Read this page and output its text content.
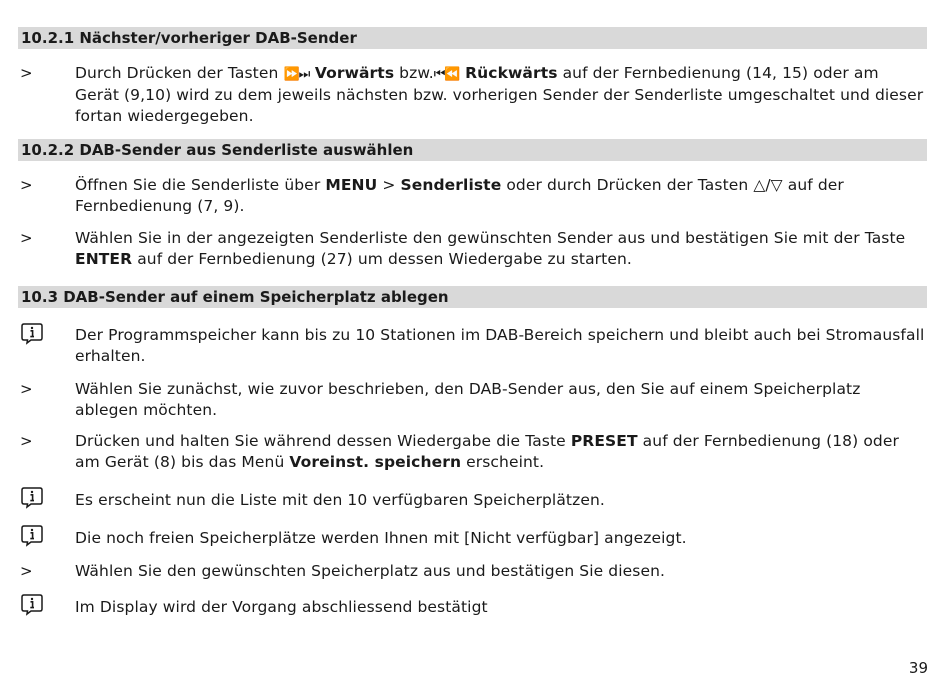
10.2.1 Nächster/vorheriger DAB-Sender
>	Durch Drücken der Tasten ⏩⏭ Vorwärts bzw.⏮⏪ Rückwärts auf der Fernbedienung (14, 15) oder am Gerät (9,10) wird zu dem jeweils nächsten bzw. vorherigen Sender der Senderliste umgeschaltet und dieser fortan wiedergegeben.
10.2.2 DAB-Sender aus Senderliste auswählen
>	Öffnen Sie die Senderliste über MENU > Senderliste oder durch Drücken der Tasten △/▽ auf der Fernbedienung (7, 9).
>	Wählen Sie in der angezeigten Senderliste den gewünschten Sender aus und bestätigen Sie mit der Taste ENTER auf der Fernbedienung (27) um dessen Wiedergabe zu starten.
10.3 DAB-Sender auf einem Speicherplatz ablegen
Der Programmspeicher kann bis zu 10 Stationen im DAB-Bereich speichern und bleibt auch bei Stromausfall erhalten.
>	Wählen Sie zunächst, wie zuvor beschrieben, den DAB-Sender aus, den Sie auf einem Speicherplatz ablegen möchten.
>	Drücken und halten Sie während dessen Wiedergabe die Taste PRESET auf der Fernbedienung (18) oder am Gerät (8) bis das Menü Voreinst. speichern erscheint.
Es erscheint nun die Liste mit den 10 verfügbaren Speicherplätzen.
Die noch freien Speicherplätze werden Ihnen mit [Nicht verfügbar] angezeigt.
>	Wählen Sie den gewünschten Speicherplatz aus und bestätigen Sie diesen.
Im Display wird der Vorgang abschliessend bestätigt
39
